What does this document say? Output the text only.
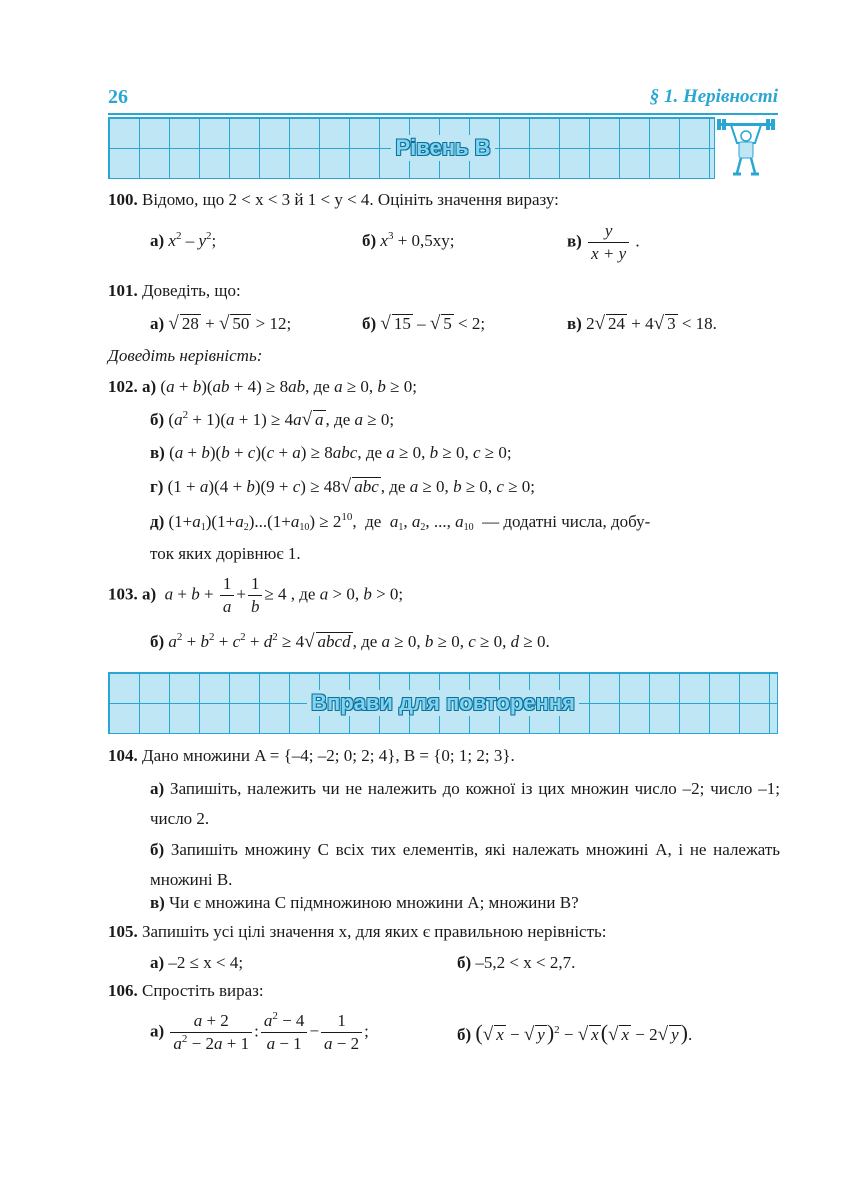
26	§ 1. Нерівності
Рівень B
100. Відомо, що 2 < x < 3 й 1 < y < 4. Оцініть значення виразу:
а) $x^2 - y^2$;	б) $x^3 + 0,5xy$;	$в) \frac{y}{x + y}$ .
101. Доведіть, що:
а) √ 28 + √ 50 > 12;	б) √ 15 – √ 5 < 2;	в) 2√ 24 + 4√ 3 < 18.
Доведіть нерівність:
102. а) (a + b)(ab + 4) ≥ 8ab, де a ≥ 0, b ≥ 0;
б) $(a^2 + 1)(a + 1) \ge 4a√$ a , де a ≥ 0;
в) (a + b)(b + c)(c + a) ≥ 8abc, де a ≥ 0, b ≥ 0, c ≥ 0;
г) (1 + a)(4 + b)(9 + c) ≥ 48√ abc , де a ≥ 0, b ≥ 0, c ≥ 0;
д) $(1+a_1)(1+a_2)...(1+a_{10}) \ge 2^{10}$,  де  $a_1$, $a_2$, ..., $a_{10}$ — додатні числа, добу-
ток яких дорівнює 1.
103. а) $a + b + \frac{1}{a} + \frac{1}{b} \ge 4$ , де a > 0, b > 0;
б) $a^2 + b^2 + c^2 + d^2 \ge 4√$ abcd , де a ≥ 0, b ≥ 0, c ≥ 0, d ≥ 0.
Вправи для повторення
104. Дано множини A = {–4; –2; 0; 2; 4}, B = {0; 1; 2; 3}.
а) Запишіть, належить чи не належить до кожної із цих множин число –2; число –1; число 2.
б) Запишіть множину C всіх тих елементів, які належать множині A, і не належать множині B.
в) Чи є множина C підмножиною множини A; множини B?
105. Запишіть усі цілі значення x, для яких є правильною нерівність:
а) –2 ≤ x < 4;	б) –5,2 < x < 2,7.
106. Спростіть вираз:
$а) \frac{a + 2}{a^2 - 2a + 1}$ : $\frac{a^2 - 4}{a - 1} - \frac{1}{a - 2}$ ;	б) (√ x − √ y)$^2$ − √ x(√ x − 2√ y).
